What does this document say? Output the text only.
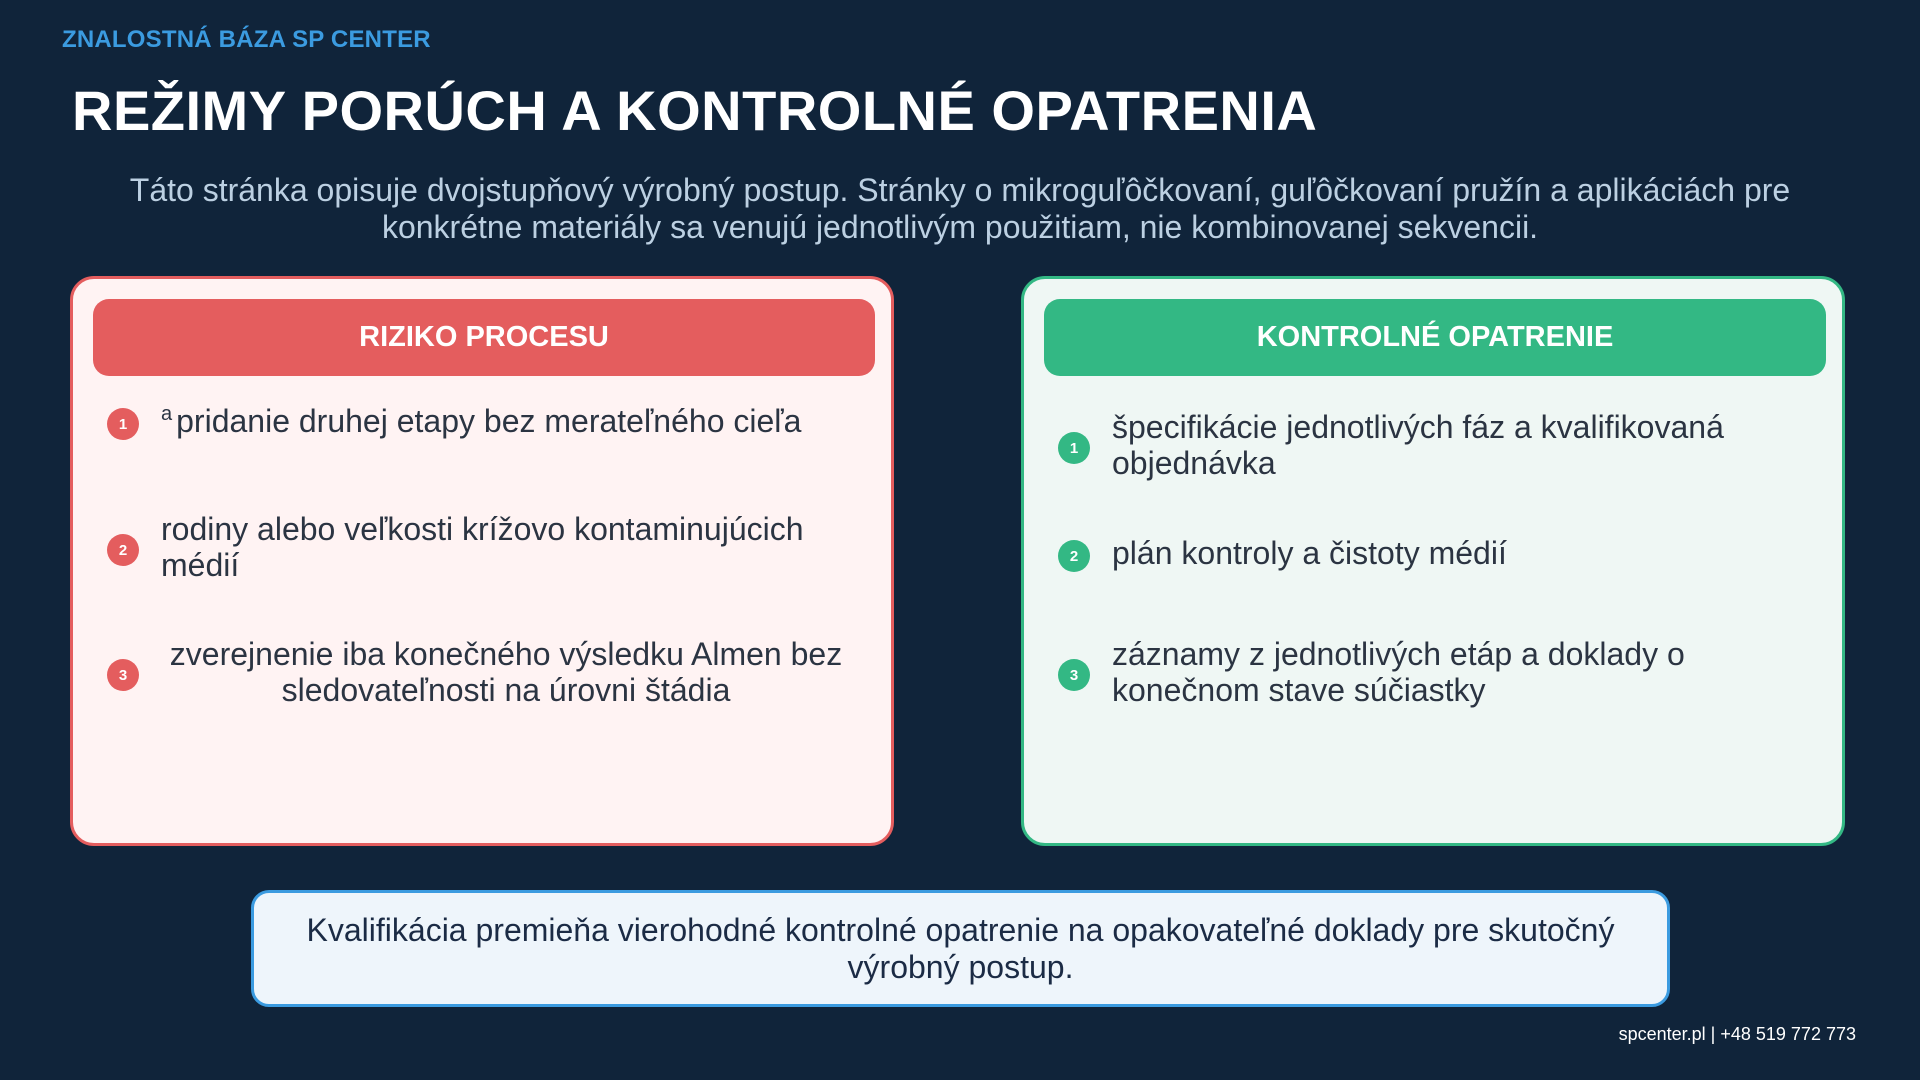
ZNALOSTNÁ BÁZA SP CENTER
REŽIMY PORÚCH A KONTROLNÉ OPATRENIA
Táto stránka opisuje dvojstupňový výrobný postup. Stránky o mikroguľôčkovaní, guľôčkovaní pružín a aplikáciách pre konkrétne materiály sa venujú jednotlivým použitiam, nie kombinovanej sekvencii.
RIZIKO PROCESU
1	$^a$ pridanie druhej etapy bez merateľného cieľa
2
rodiny alebo veľkosti krížovo kontaminujúcich médií
3
zverejnenie iba konečného výsledku Almen bez sledovateľnosti na úrovni štádia
KONTROLNÉ OPATRENIE
1
špecifikácie jednotlivých fáz a kvalifikovaná objednávka
2	plán kontroly a čistoty médií
3
záznamy z jednotlivých etáp a doklady o konečnom stave súčiastky
Kvalifikácia premieňa vierohodné kontrolné opatrenie na opakovateľné doklady pre skutočný výrobný postup.
spcenter.pl | +48 519 772 773
